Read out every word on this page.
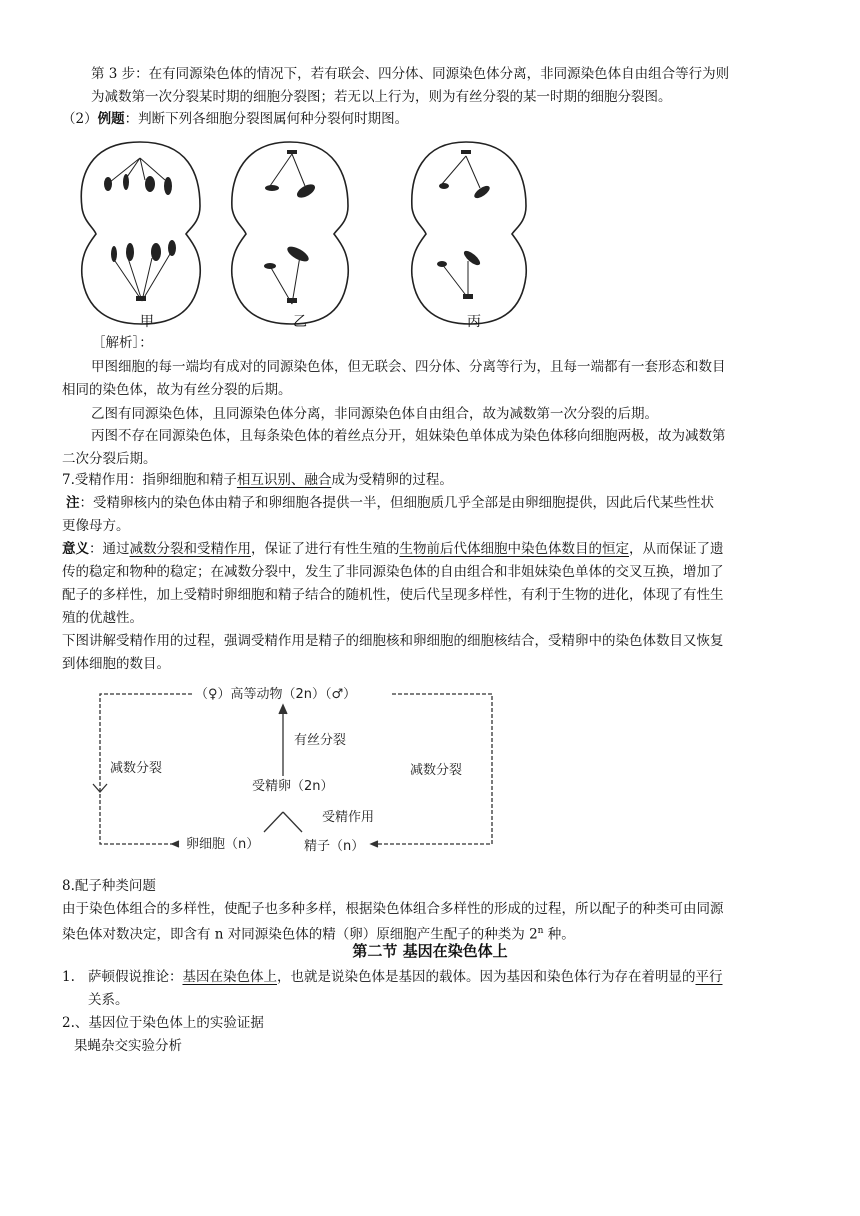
第 3 步：在有同源染色体的情况下，若有联会、四分体、同源染色体分离，非同源染色体自由组合等行为则

为减数第一次分裂某时期的细胞分裂图；若无以上行为，则为有丝分裂的某一时期的细胞分裂图。

（2）例题：判断下列各细胞分裂图属何种分裂何时期图。

甲	乙	丙

［解析］：

甲图细胞的每一端均有成对的同源染色体，但无联会、四分体、分离等行为，且每一端都有一套形态和数目

相同的染色体，故为有丝分裂的后期。

乙图有同源染色体，且同源染色体分离，非同源染色体自由组合，故为减数第一次分裂的后期。

丙图不存在同源染色体，且每条染色体的着丝点分开，姐妹染色单体成为染色体移向细胞两极，故为减数第

二次分裂后期。

7.受精作用：指卵细胞和精子相互识别、融合成为受精卵的过程。

注：受精卵核内的染色体由精子和卵细胞各提供一半，但细胞质几乎全部是由卵细胞提供，因此后代某些性状

更像母方。

意义：通过减数分裂和受精作用，保证了进行有性生殖的生物前后代体细胞中染色体数目的恒定，从而保证了遗

传的稳定和物种的稳定；在减数分裂中，发生了非同源染色体的自由组合和非姐妹染色单体的交叉互换，增加了

配子的多样性，加上受精时卵细胞和精子结合的随机性，使后代呈现多样性，有利于生物的进化，体现了有性生

殖的优越性。

下图讲解受精作用的过程，强调受精作用是精子的细胞核和卵细胞的细胞核结合，受精卵中的染色体数目又恢复

到体细胞的数目。

（♀）高等动物（2n）（♂）
有丝分裂
减数分裂	减数分裂
受精卵（2n）
受精作用
卵细胞（n）	精子（n）

8.配子种类问题

由于染色体组合的多样性，使配子也多种多样，根据染色体组合多样性的形成的过程，所以配子的种类可由同源

染色体对数决定，即含有 n 对同源染色体的精（卵）原细胞产生配子的种类为 2$^n$ 种。

第二节 基因在染色体上
1. 萨顿假说推论：基因在染色体上，也就是说染色体是基因的载体。因为基因和染色体行为存在着明显的平行

关系。

2.、基因位于染色体上的实验证据

果蝇杂交实验分析
